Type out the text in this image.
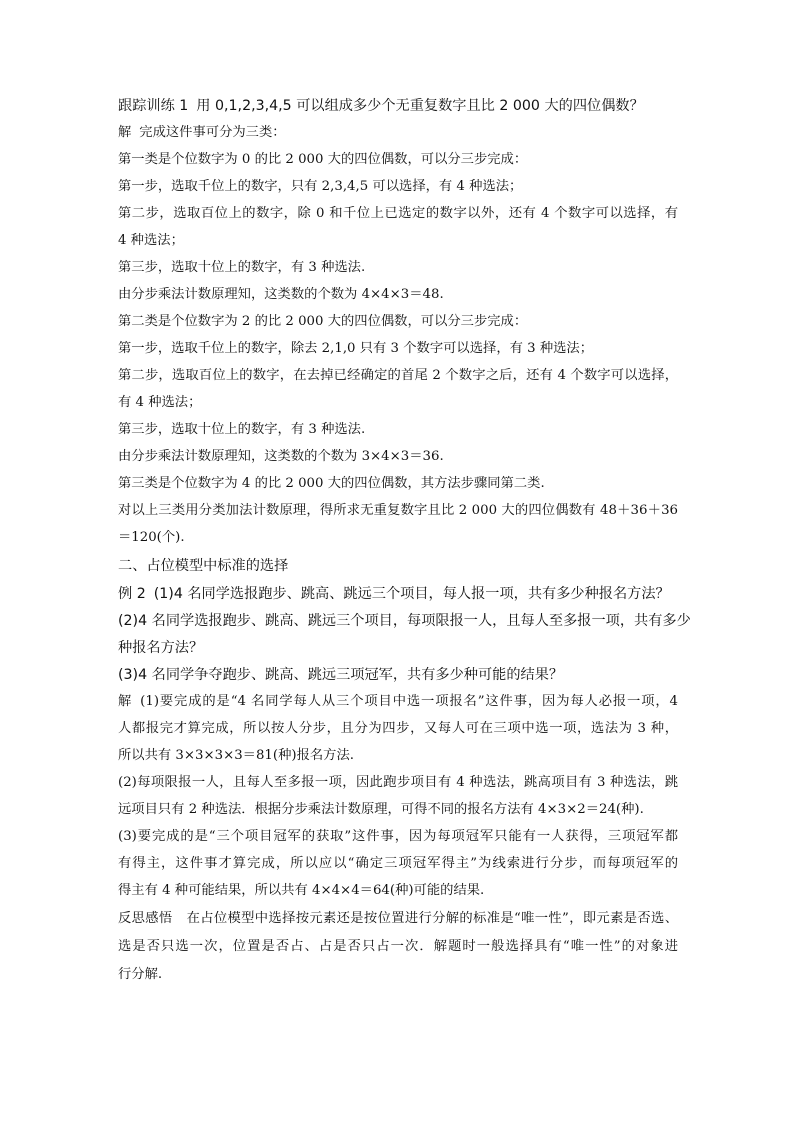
跟踪训练 1 用 0,1,2,3,4,5 可以组成多少个无重复数字且比 2 000 大的四位偶数？
解 完成这件事可分为三类：
第一类是个位数字为 0 的比 2 000 大的四位偶数，可以分三步完成：
第一步，选取千位上的数字，只有 2,3,4,5 可以选择，有 4 种选法；
第二步，选取百位上的数字，除 0 和千位上已选定的数字以外，还有 4 个数字可以选择，有
4 种选法；
第三步，选取十位上的数字，有 3 种选法.
由分步乘法计数原理知，这类数的个数为 4×4×3＝48.
第二类是个位数字为 2 的比 2 000 大的四位偶数，可以分三步完成：
第一步，选取千位上的数字，除去 2,1,0 只有 3 个数字可以选择，有 3 种选法；
第二步，选取百位上的数字，在去掉已经确定的首尾 2 个数字之后，还有 4 个数字可以选择，
有 4 种选法；
第三步，选取十位上的数字，有 3 种选法.
由分步乘法计数原理知，这类数的个数为 3×4×3＝36.
第三类是个位数字为 4 的比 2 000 大的四位偶数，其方法步骤同第二类.
对以上三类用分类加法计数原理，得所求无重复数字且比 2 000 大的四位偶数有 48＋36＋36
＝120(个).
二、占位模型中标准的选择
例 2 (1)4 名同学选报跑步、跳高、跳远三个项目，每人报一项，共有多少种报名方法？
(2)4 名同学选报跑步、跳高、跳远三个项目，每项限报一人，且每人至多报一项，共有多少
种报名方法？
(3)4 名同学争夺跑步、跳高、跳远三项冠军，共有多少种可能的结果？
解 (1)要完成的是“4 名同学每人从三个项目中选一项报名”这件事，因为每人必报一项，4
人都报完才算完成，所以按人分步，且分为四步，又每人可在三项中选一项，选法为 3 种，
所以共有 3×3×3×3＝81(种)报名方法.
(2)每项限报一人，且每人至多报一项，因此跑步项目有 4 种选法，跳高项目有 3 种选法，跳
远项目只有 2 种选法．根据分步乘法计数原理，可得不同的报名方法有 4×3×2＝24(种).
(3)要完成的是“三个项目冠军的获取”这件事，因为每项冠军只能有一人获得，三项冠军都
有得主，这件事才算完成，所以应以“确定三项冠军得主”为线索进行分步，而每项冠军的
得主有 4 种可能结果，所以共有 4×4×4＝64(种)可能的结果.
反思感悟 在占位模型中选择按元素还是按位置进行分解的标准是“唯一性”，即元素是否选、
选是否只选一次，位置是否占、占是否只占一次．解题时一般选择具有“唯一性”的对象进
行分解.
